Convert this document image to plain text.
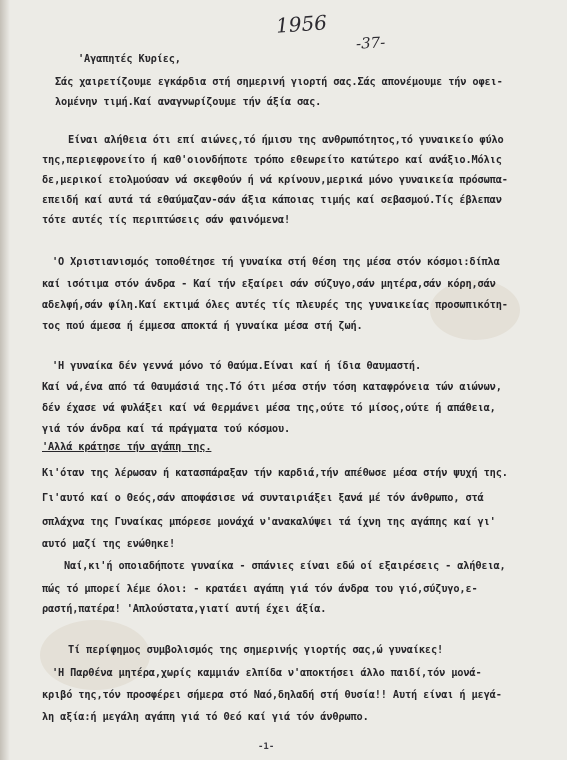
1956
-37-
'Αγαπητές Κυρίες,
Σάς χαιρετίζουμε εγκάρδια στή σημερινή γιορτή σας.Σάς απονέμουμε τήν οφει-
λομένην τιμή.Καί αναγνωρίζουμε τήν άξία σας.
Είναι αλήθεια ότι επί αιώνες,τό ήμισυ της ανθρωπότητος,τό γυναικείο φύλο
της,περιεφρονείτο ή καθ'οιονδήποτε τρόπο εθεωρείτο κατώτερο καί ανάξιο.Μόλις
δε,μερικοί ετολμούσαν νά σκεφθούν ή νά κρίνουν,μερικά μόνο γυναικεία πρόσωπα-
επειδή καί αυτά τά εθαύμαζαν-σάν άξια κάποιας τιμής καί σεβασμού.Τίς έβλεπαν
τότε αυτές τίς περιπτώσεις σάν φαινόμενα!
'Ο Χριστιανισμός τοποθέτησε τή γυναίκα στή θέση της μέσα στόν κόσμοι:δίπλα
καί ισότιμα στόν άνδρα - Καί τήν εξαίρει σάν σύζυγο,σάν μητέρα,σάν κόρη,σάν
αδελφή,σάν φίλη.Καί εκτιμά όλες αυτές τίς πλευρές της γυναικείας προσωπικότη-
τος πού άμεσα ή έμμεσα αποκτά ή γυναίκα μέσα στή ζωή.
'Η γυναίκα δέν γεννά μόνο τό θαύμα.Είναι καί ή ίδια θαυμαστή.
Καί νά,ένα από τά θαυμάσιά της.Τό ότι μέσα στήν τόση καταφρόνεια τών αιώνων,
δέν έχασε νά φυλάξει καί νά θερμάνει μέσα της,ούτε τό μίσος,ούτε ή απάθεια,
γιά τόν άνδρα καί τά πράγματα τού κόσμου.
'Αλλά κράτησε τήν αγάπη της.
Κι'όταν της λέρωσαν ή κατασπάραξαν τήν καρδιά,τήν απέθωσε μέσα στήν ψυχή της.
Γι'αυτό καί ο Θεός,σάν αποφάσισε νά συνταιριάξει ξανά μέ τόν άνθρωπο, στά
σπλάχνα της Γυναίκας μπόρεσε μονάχά ν'ανακαλύψει τά ίχνη της αγάπης καί γι'
αυτό μαζί της ενώθηκε!
Ναί,κι'ή οποιαδήποτε γυναίκα - σπάνιες είναι εδώ οί εξαιρέσεις - αλήθεια,
πώς τό μπορεί λέμε όλοι: - κρατάει αγάπη γιά τόν άνδρα του γιό,σύζυγο,ε-
ραστή,πατέρα! 'Απλούστατα,γιατί αυτή έχει άξία.
Τί περίφημος συμβολισμός της σημερινής γιορτής σας,ώ γυναίκες!
'Η Παρθένα μητέρα,χωρίς καμμιάν ελπίδα ν'αποκτήσει άλλο παιδί,τόν μονά-
κριβό της,τόν προσφέρει σήμερα στό Ναό,δηλαδή στή θυσία!! Αυτή είναι ή μεγά-
λη αξία:ή μεγάλη αγάπη γιά τό Θεό καί γιά τόν άνθρωπο.
-1-
